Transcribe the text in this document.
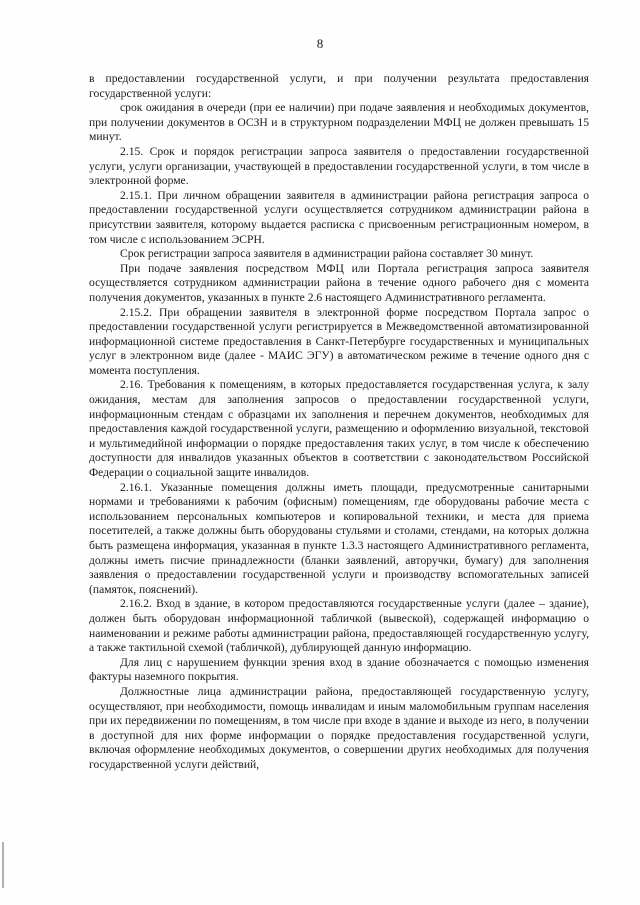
8

в предоставлении государственной услуги, и при получении результата предоставления государственной услуги:

срок ожидания в очереди (при ее наличии) при подаче заявления и необходимых документов, при получении документов в ОСЗН и в структурном подразделении МФЦ не должен превышать 15 минут.

2.15. Срок и порядок регистрации запроса заявителя о предоставлении государственной услуги, услуги организации, участвующей в предоставлении государственной услуги, в том числе в электронной форме.

2.15.1. При личном обращении заявителя в администрации района регистрация запроса о предоставлении государственной услуги осуществляется сотрудником администрации района в присутствии заявителя, которому выдается расписка с присвоенным регистрационным номером, в том числе с использованием ЭСРН.

Срок регистрации запроса заявителя в администрации района составляет 30 минут.

При подаче заявления посредством МФЦ или Портала регистрация запроса заявителя осуществляется сотрудником администрации района в течение одного рабочего дня с момента получения документов, указанных в пункте 2.6 настоящего Административного регламента.

2.15.2. При обращении заявителя в электронной форме посредством Портала запрос о предоставлении государственной услуги регистрируется в Межведомственной автоматизированной информационной системе предоставления в Санкт-Петербурге государственных и муниципальных услуг в электронном виде (далее - МАИС ЭГУ) в автоматическом режиме в течение одного дня с момента поступления.

2.16. Требования к помещениям, в которых предоставляется государственная услуга, к залу ожидания, местам для заполнения запросов о предоставлении государственной услуги, информационным стендам с образцами их заполнения и перечнем документов, необходимых для предоставления каждой государственной услуги, размещению и оформлению визуальной, текстовой и мультимедийной информации о порядке предоставления таких услуг, в том числе к обеспечению доступности для инвалидов указанных объектов в соответствии с законодательством Российской Федерации о социальной защите инвалидов.

2.16.1. Указанные помещения должны иметь площади, предусмотренные санитарными нормами и требованиями к рабочим (офисным) помещениям, где оборудованы рабочие места с использованием персональных компьютеров и копировальной техники, и места для приема посетителей, а также должны быть оборудованы стульями и столами, стендами, на которых должна быть размещена информация, указанная в пункте 1.3.3 настоящего Административного регламента, должны иметь писчие принадлежности (бланки заявлений, авторучки, бумагу) для заполнения заявления о предоставлении государственной услуги и производству вспомогательных записей (памяток, пояснений).

2.16.2. Вход в здание, в котором предоставляются государственные услуги (далее – здание), должен быть оборудован информационной табличкой (вывеской), содержащей информацию о наименовании и режиме работы администрации района, предоставляющей государственную услугу, а также тактильной схемой (табличкой), дублирующей данную информацию.

Для лиц с нарушением функции зрения вход в здание обозначается с помощью изменения фактуры наземного покрытия.

Должностные лица администрации района, предоставляющей государственную услугу, осуществляют, при необходимости, помощь инвалидам и иным маломобильным группам населения при их передвижении по помещениям, в том числе при входе в здание и выходе из него, в получении в доступной для них форме информации о порядке предоставления государственной услуги, включая оформление необходимых документов, о совершении других необходимых для получения государственной услуги действий,
